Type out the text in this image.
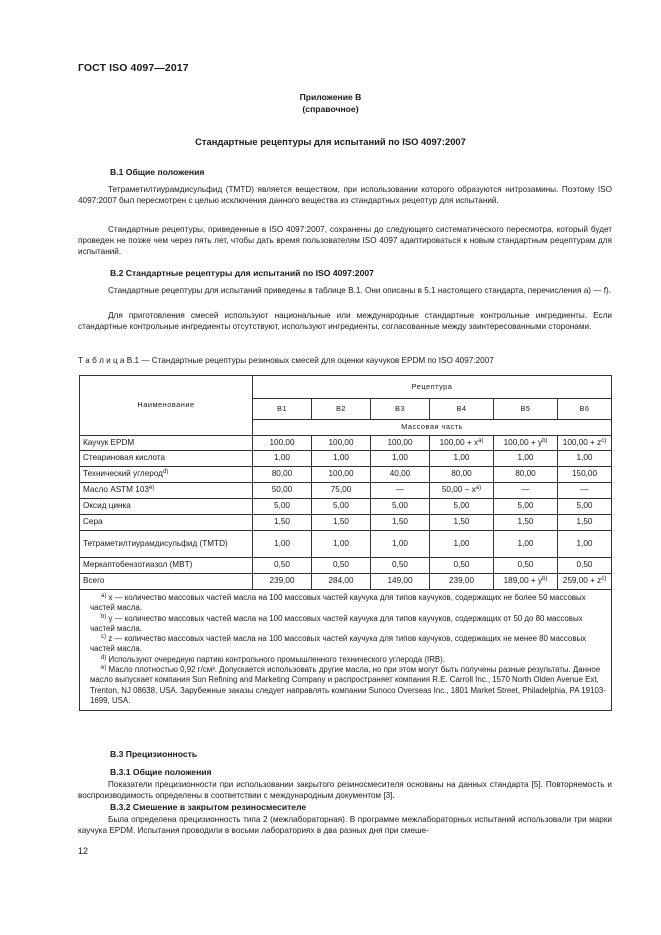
ГОСТ ISO 4097—2017
Приложение В
(справочное)
Стандартные рецептуры для испытаний по ISO 4097:2007
В.1 Общие положения
Тетраметилтиурамдисульфид (TMTD) является веществом, при использовании которого образуются нитрозамины. Поэтому ISO 4097:2007 был пересмотрен с целью исключения данного вещества из стандартных рецептур для испытаний.
Стандартные рецептуры, приведенные в ISO 4097:2007, сохранены до следующего систематического пересмотра, который будет проведен не позже чем через пять лет, чтобы дать время пользователям ISO 4097 адаптироваться к новым стандартным рецептурам для испытаний.
В.2 Стандартные рецептуры для испытаний по ISO 4097:2007
Стандартные рецептуры для испытаний приведены в таблице В.1. Они описаны в 5.1 настоящего стандарта, перечисления а) — f).
Для приготовления смесей используют национальные или международные стандартные контрольные ингредиенты. Если стандартные контрольные ингредиенты отсутствуют, используют ингредиенты, согласованные между заинтересованными сторонами.
Т а б л и ц а В.1 — Стандартные рецептуры резиновых смесей для оценки каучуков EPDM по ISO 4097:2007
Наименование	Рецептура					
	В1	В2	В3	В4	В5	В6
	Массовая часть					
Каучук EPDM	100,00	100,00	100,00	$100,00 + x^{a)}$	$100,00 + y^{b)}$	$100,00 + z^{c)}$
Стеариновая кислота	1,00	1,00	1,00	1,00	1,00	1,00
Технический углерод$^{d)}$	80,00	100,00	40,00	80,00	80,00	150,00
Масло ASTM 103$^{e)}$	50,00	75,00	—	$50,00 - x^{a)}$	—	—
Оксид цинка	5,00	5,00	5,00	5,00	5,00	5,00
Сера	1,50	1,50	1,50	1,50	1,50	1,50
Тетраметилтиурамдисульфид (TMTD)	1,00	1,00	1,00	1,00	1,00	1,00
Меркаптобензотиазол (MBT)	0,50	0,50	0,50	0,50	0,50	0,50
Всего	239,00	284,00	149,00	239,00	$189,00 + y^{b)}$	$259,00 + z^{c)}$

$^{a)}$ x — количество массовых частей масла на 100 массовых частей каучука для типов каучуков, содержащих не более 50 массовых частей масла.
$^{b)}$ y — количество массовых частей масла на 100 массовых частей каучука для типов каучуков, содержащих от 50 до 80 массовых частей масла.
$^{c)}$ z — количество массовых частей масла на 100 массовых частей каучука для типов каучуков, содержащих не менее 80 массовых частей масла.
$^{d)}$ Используют очередную партию контрольного промышленного технического углерода (IRB).
$^{e)}$ Масло плотностью 0,92 г/см³. Допускается использовать другие масла, но при этом могут быть получены разные результаты. Данное масло выпускает компания Sun Refining and Marketing Company и распространяет компания R.E. Carroll Inc., 1570 North Olden Avenue Ext, Trenton, NJ 08638, USA. Зарубежные заказы следует направлять компании Sunoco Overseas Inc., 1801 Market Street, Philadelphia, PA 19103-1699, USA.						
В.3 Прецизионность
В.3.1 Общие положения
Показатели прецизионности при использовании закрытого резиносмесителя основаны на данных стандарта [5]. Повторяемость и воспроизводимость определены в соответствии с международным документом [3].
В.3.2 Смешение в закрытом резиносмесителе
Была определена прецизионность типа 2 (межлабораторная). В программе межлабораторных испытаний использовали три марки каучука EPDM. Испытания проводили в восьми лабораториях в два разных дня при смеше-
12
